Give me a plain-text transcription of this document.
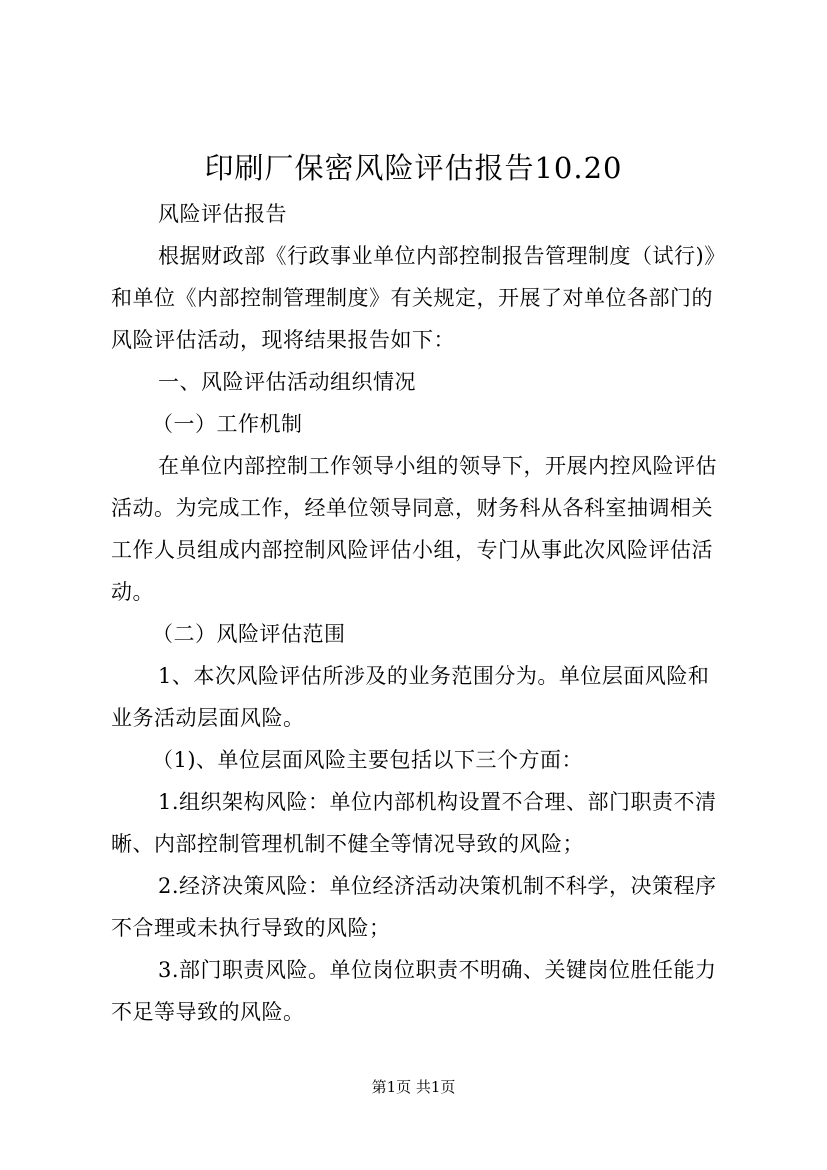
印刷厂保密风险评估报告10.20
风险评估报告
根据财政部《行政事业单位内部控制报告管理制度（试行)》
和单位《内部控制管理制度》有关规定，开展了对单位各部门的
风险评估活动，现将结果报告如下：
一、风险评估活动组织情况
（一）工作机制
在单位内部控制工作领导小组的领导下，开展内控风险评估
活动。为完成工作，经单位领导同意，财务科从各科室抽调相关
工作人员组成内部控制风险评估小组，专门从事此次风险评估活
动。
（二）风险评估范围
1、本次风险评估所涉及的业务范围分为。单位层面风险和
业务活动层面风险。
（1)、单位层面风险主要包括以下三个方面：
1.组织架构风险：单位内部机构设置不合理、部门职责不清
晰、内部控制管理机制不健全等情况导致的风险；
2.经济决策风险：单位经济活动决策机制不科学，决策程序
不合理或未执行导致的风险；
3.部门职责风险。单位岗位职责不明确、关键岗位胜任能力
不足等导致的风险。
第1页 共1页
